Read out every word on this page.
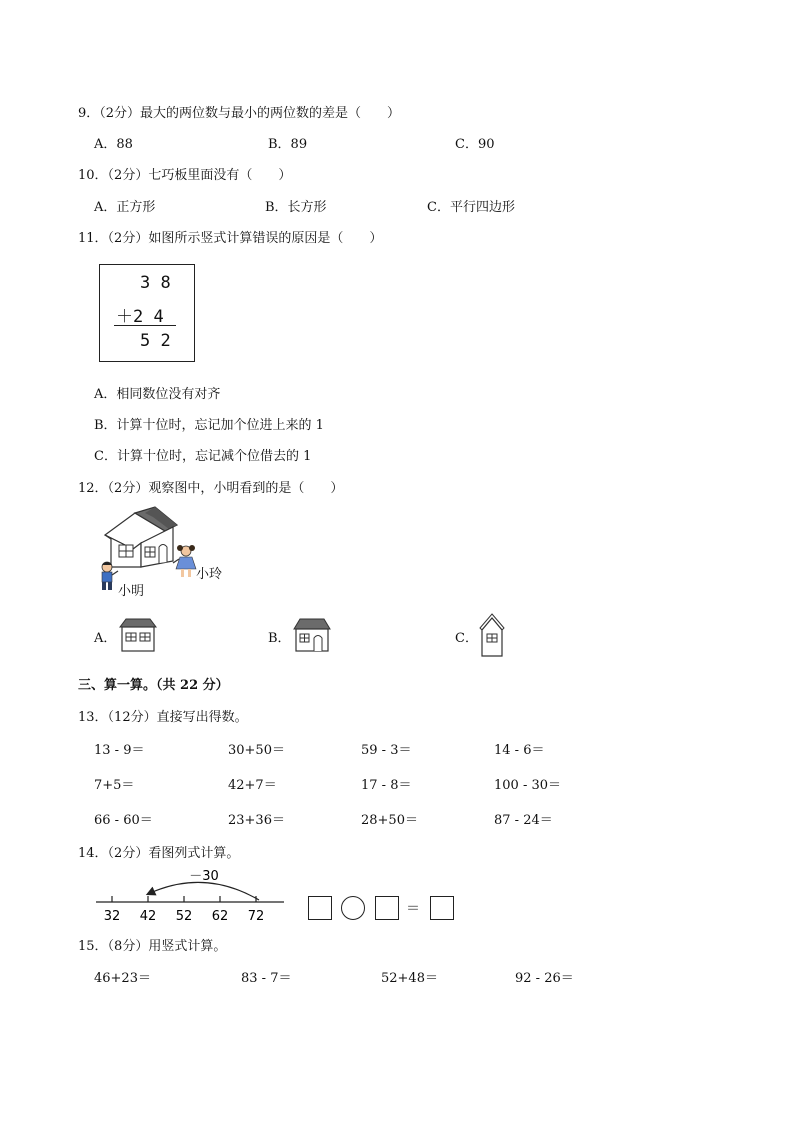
9．（2分）最大的两位数与最小的两位数的差是（　　）
A．88	B．89	C．90
10．（2分）七巧板里面没有（　　）
A．正方形	B．长方形	C．平行四边形
11．（2分）如图所示竖式计算错误的原因是（　　）
3 8
＋2 4
5 2
A．相同数位没有对齐
B．计算十位时，忘记加个位进上来的 1
C．计算十位时，忘记减个位借去的 1
12．（2分）观察图中，小明看到的是（　　）
小明
小玲
A．	B．	C．
三、算一算。（共 22 分）
13．（12分）直接写出得数。
13 - 9＝	30+50＝	59 - 3＝	14 - 6＝
7+5＝	42+7＝	17 - 8＝	100 - 30＝
66 - 60＝	23+36＝	28+50＝	87 - 24＝
14．（2分）看图列式计算。
32 42 52 62 72
－30
＝
15．（8分）用竖式计算。
46+23＝	83 - 7＝	52+48＝	92 - 26＝
